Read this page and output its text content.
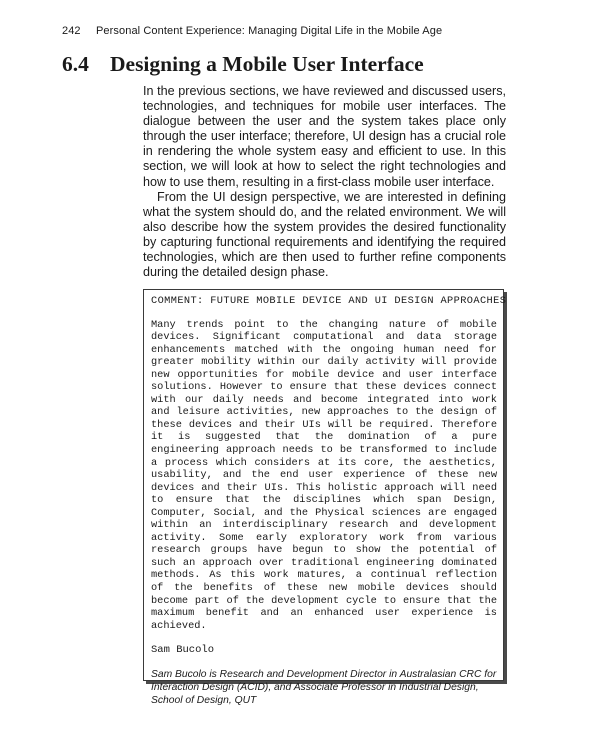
242 Personal Content Experience: Managing Digital Life in the Mobile Age
6.4 Designing a Mobile User Interface

In the previous sections, we have reviewed and discussed users, technologies, and techniques for mobile user interfaces. The dialogue between the user and the system takes place only through the user interface; therefore, UI design has a crucial role in rendering the whole system easy and efficient to use. In this section, we will look at how to select the right technologies and how to use them, resulting in a first-class mobile user interface.

From the UI design perspective, we are interested in defining what the system should do, and the related environment. We will also describe how the system provides the desired functionality by capturing functional requirements and identifying the required technologies, which are then used to further refine components during the detailed design phase.

COMMENT: FUTURE MOBILE DEVICE AND UI DESIGN APPROACHES

Many trends point to the changing nature of mobile devices. Significant computational and data storage enhancements matched with the ongoing human need for greater mobility within our daily activity will provide new opportunities for mobile device and user interface solutions. However to ensure that these devices connect with our daily needs and become integrated into work and leisure activities, new approaches to the design of these devices and their UIs will be required. Therefore it is suggested that the domination of a pure engineering approach needs to be transformed to include a process which considers at its core, the aesthetics, usability, and the end user experience of these new devices and their UIs. This holistic approach will need to ensure that the disciplines which span Design, Computer, Social, and the Physical sciences are engaged within an interdisciplinary research and development activity. Some early exploratory work from various research groups have begun to show the potential of such an approach over traditional engineering dominated methods. As this work matures, a continual reflection of the benefits of these new mobile devices should become part of the development cycle to ensure that the maximum benefit and an enhanced user experience is achieved.

Sam Bucolo

Sam Bucolo is Research and Development Director in Australasian CRC for Interaction Design (ACID), and Associate Professor in Industrial Design, School of Design, QUT
